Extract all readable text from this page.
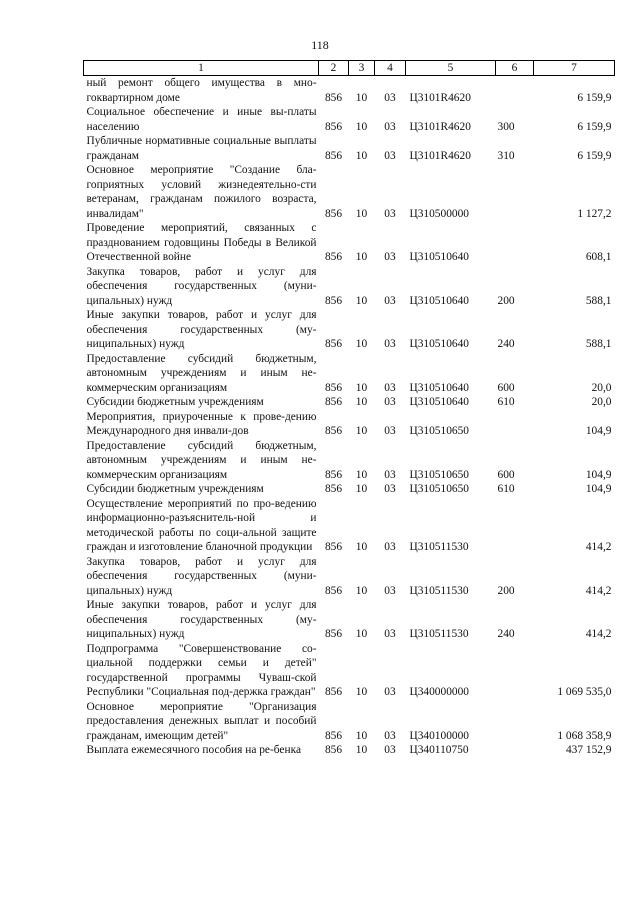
118
1	2	3	4	5	6	7
ный ремонт общего имущества в мно-гоквартирном доме	856	10	03	Ц3101R4620		6 159,9
Социальное обеспечение и иные вы-платы населению	856	10	03	Ц3101R4620	300	6 159,9
Публичные нормативные социальные выплаты гражданам	856	10	03	Ц3101R4620	310	6 159,9
Основное мероприятие "Создание бла-гоприятных условий жизнедеятельно-сти ветеранам, гражданам пожилого возраста, инвалидам"	856	10	03	Ц310500000		1 127,2
Проведение мероприятий, связанных с празднованием годовщины Победы в Великой Отечественной войне	856	10	03	Ц310510640		608,1
Закупка товаров, работ и услуг для обеспечения государственных (муни-ципальных) нужд	856	10	03	Ц310510640	200	588,1
Иные закупки товаров, работ и услуг для обеспечения государственных (му-ниципальных) нужд	856	10	03	Ц310510640	240	588,1
Предоставление субсидий бюджетным, автономным учреждениям и иным не-коммерческим организациям	856	10	03	Ц310510640	600	20,0
Субсидии бюджетным учреждениям	856	10	03	Ц310510640	610	20,0
Мероприятия, приуроченные к прове-дению Международного дня инвали-дов	856	10	03	Ц310510650		104,9
Предоставление субсидий бюджетным, автономным учреждениям и иным не-коммерческим организациям	856	10	03	Ц310510650	600	104,9
Субсидии бюджетным учреждениям	856	10	03	Ц310510650	610	104,9
Осуществление мероприятий по про-ведению информационно-разъяснитель-ной и методической работы по соци-альной защите граждан и изготовление бланочной продукции	856	10	03	Ц310511530		414,2
Закупка товаров, работ и услуг для обеспечения государственных (муни-ципальных) нужд	856	10	03	Ц310511530	200	414,2
Иные закупки товаров, работ и услуг для обеспечения государственных (му-ниципальных) нужд	856	10	03	Ц310511530	240	414,2
Подпрограмма "Совершенствование со-циальной поддержки семьи и детей" государственной программы Чуваш-ской Республики "Социальная под-держка граждан"	856	10	03	Ц340000000		1 069 535,0
Основное мероприятие "Организация предоставления денежных выплат и пособий гражданам, имеющим детей"	856	10	03	Ц340100000		1 068 358,9
Выплата ежемесячного пособия на ре-бенка	856	10	03	Ц340110750		437 152,9
